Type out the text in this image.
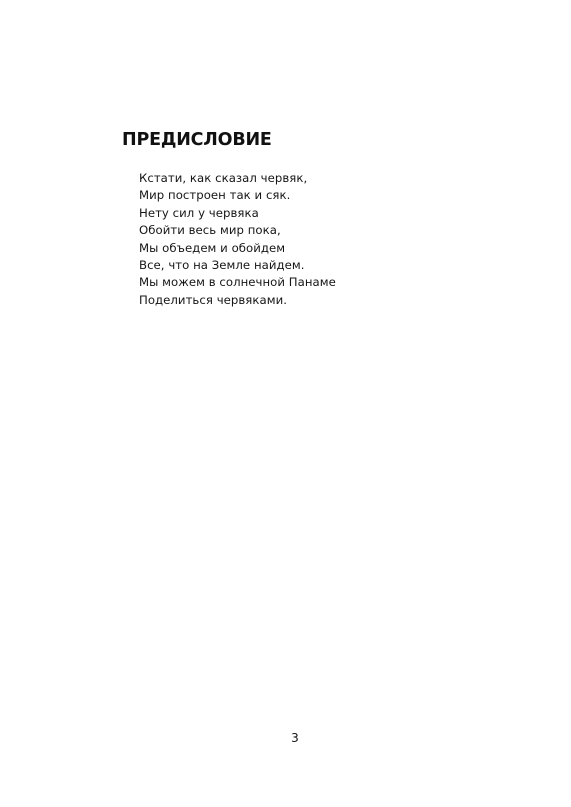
ПРЕДИСЛОВИЕ
Кстати, как сказал червяк,
Мир построен так и сяк.
Нету сил у червяка
Обойти весь мир пока,
Мы объедем и обойдем
Все, что на Земле найдем.
Мы можем в солнечной Панаме
Поделиться червяками.
3
